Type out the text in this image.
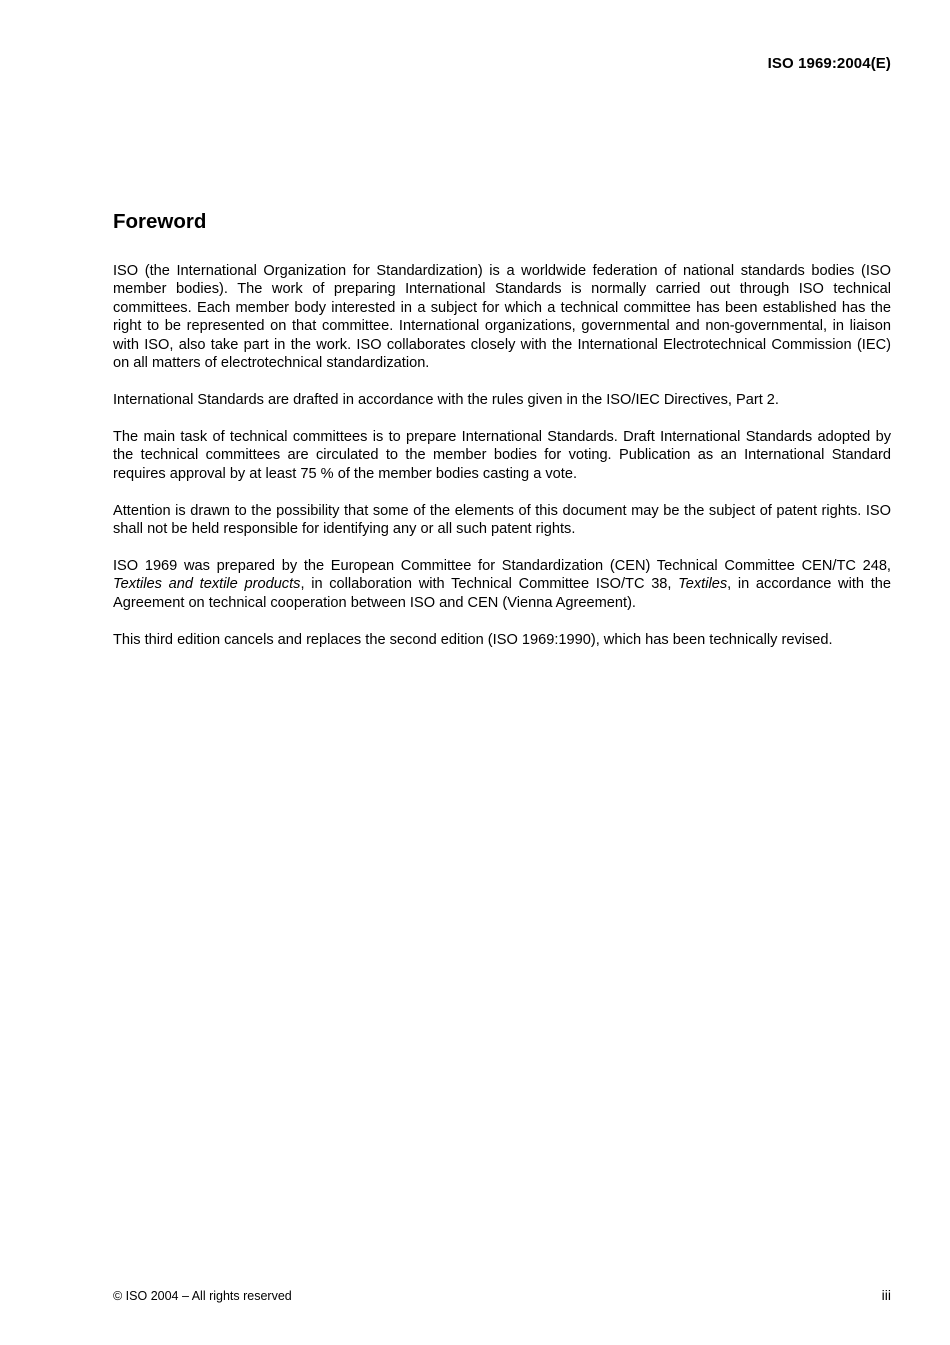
ISO 1969:2004(E)
Foreword

ISO (the International Organization for Standardization) is a worldwide federation of national standards bodies (ISO member bodies). The work of preparing International Standards is normally carried out through ISO technical committees. Each member body interested in a subject for which a technical committee has been established has the right to be represented on that committee. International organizations, governmental and non-governmental, in liaison with ISO, also take part in the work. ISO collaborates closely with the International Electrotechnical Commission (IEC) on all matters of electrotechnical standardization.

International Standards are drafted in accordance with the rules given in the ISO/IEC Directives, Part 2.

The main task of technical committees is to prepare International Standards. Draft International Standards adopted by the technical committees are circulated to the member bodies for voting. Publication as an International Standard requires approval by at least 75 % of the member bodies casting a vote.

Attention is drawn to the possibility that some of the elements of this document may be the subject of patent rights. ISO shall not be held responsible for identifying any or all such patent rights.

ISO 1969 was prepared by the European Committee for Standardization (CEN) Technical Committee CEN/TC 248, Textiles and textile products, in collaboration with Technical Committee ISO/TC 38, Textiles, in accordance with the Agreement on technical cooperation between ISO and CEN (Vienna Agreement).

This third edition cancels and replaces the second edition (ISO 1969:1990), which has been technically revised.

© ISO 2004 – All rights reserved	iii
